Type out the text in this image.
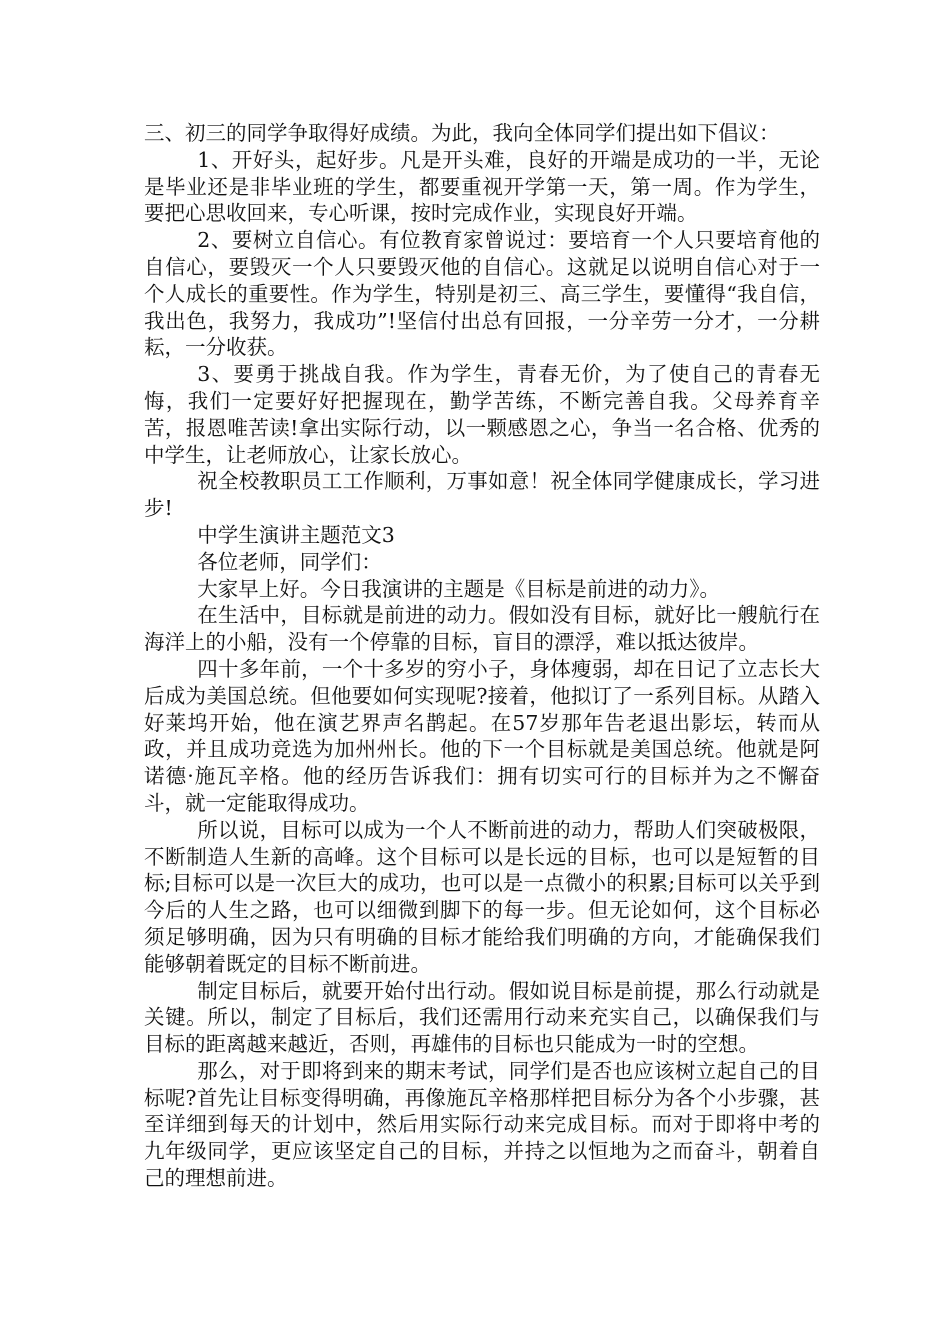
三、初三的同学争取得好成绩。为此，我向全体同学们提出如下倡议：

1、开好头，起好步。凡是开头难，良好的开端是成功的一半，无论是毕业还是非毕业班的学生，都要重视开学第一天，第一周。作为学生，要把心思收回来，专心听课，按时完成作业，实现良好开端。

2、要树立自信心。有位教育家曾说过：要培育一个人只要培育他的自信心，要毁灭一个人只要毁灭他的自信心。这就足以说明自信心对于一个人成长的重要性。作为学生，特别是初三、高三学生，要懂得“我自信，我出色，我努力，我成功”!坚信付出总有回报，一分辛劳一分才，一分耕耘，一分收获。

3、要勇于挑战自我。作为学生，青春无价，为了使自己的青春无悔，我们一定要好好把握现在，勤学苦练，不断完善自我。父母养育辛苦，报恩唯苦读!拿出实际行动，以一颗感恩之心，争当一名合格、优秀的中学生，让老师放心，让家长放心。

祝全校教职员工工作顺利，万事如意！祝全体同学健康成长，学习进步!

中学生演讲主题范文3

各位老师，同学们：

大家早上好。今日我演讲的主题是《目标是前进的动力》。

在生活中，目标就是前进的动力。假如没有目标，就好比一艘航行在海洋上的小船，没有一个停靠的目标，盲目的漂浮，难以抵达彼岸。

四十多年前，一个十多岁的穷小子，身体瘦弱，却在日记了立志长大后成为美国总统。但他要如何实现呢?接着，他拟订了一系列目标。从踏入好莱坞开始，他在演艺界声名鹊起。在57岁那年告老退出影坛，转而从政，并且成功竞选为加州州长。他的下一个目标就是美国总统。他就是阿诺德·施瓦辛格。他的经历告诉我们：拥有切实可行的目标并为之不懈奋斗，就一定能取得成功。

所以说，目标可以成为一个人不断前进的动力，帮助人们突破极限，不断制造人生新的高峰。这个目标可以是长远的目标，也可以是短暂的目标;目标可以是一次巨大的成功，也可以是一点微小的积累;目标可以关乎到今后的人生之路，也可以细微到脚下的每一步。但无论如何，这个目标必须足够明确，因为只有明确的目标才能给我们明确的方向，才能确保我们能够朝着既定的目标不断前进。

制定目标后，就要开始付出行动。假如说目标是前提，那么行动就是关键。所以，制定了目标后，我们还需用行动来充实自己，以确保我们与目标的距离越来越近，否则，再雄伟的目标也只能成为一时的空想。

那么，对于即将到来的期末考试，同学们是否也应该树立起自己的目标呢?首先让目标变得明确，再像施瓦辛格那样把目标分为各个小步骤，甚至详细到每天的计划中，然后用实际行动来完成目标。而对于即将中考的九年级同学，更应该坚定自己的目标，并持之以恒地为之而奋斗，朝着自己的理想前进。
